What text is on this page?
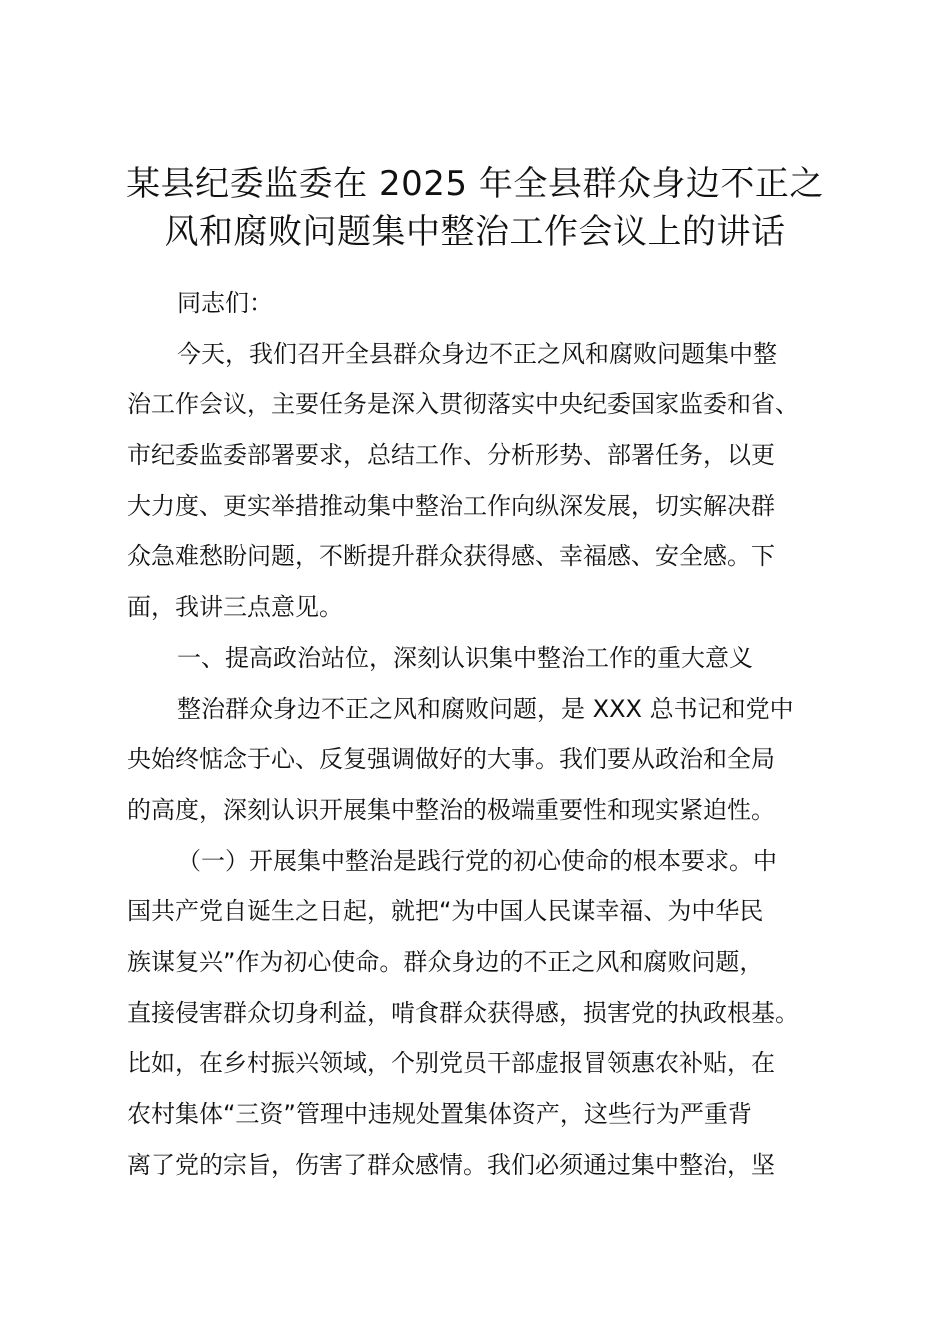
某县纪委监委在 2025 年全县群众身边不正之
风和腐败问题集中整治工作会议上的讲话
同志们：
今天，我们召开全县群众身边不正之风和腐败问题集中整
治工作会议，主要任务是深入贯彻落实中央纪委国家监委和省、
市纪委监委部署要求，总结工作、分析形势、部署任务，以更
大力度、更实举措推动集中整治工作向纵深发展，切实解决群
众急难愁盼问题，不断提升群众获得感、幸福感、安全感。下
面，我讲三点意见。
一、提高政治站位，深刻认识集中整治工作的重大意义
整治群众身边不正之风和腐败问题，是 XXX 总书记和党中
央始终惦念于心、反复强调做好的大事。我们要从政治和全局
的高度，深刻认识开展集中整治的极端重要性和现实紧迫性。
（一）开展集中整治是践行党的初心使命的根本要求。中
国共产党自诞生之日起，就把“为中国人民谋幸福、为中华民
族谋复兴”作为初心使命。群众身边的不正之风和腐败问题，
直接侵害群众切身利益，啃食群众获得感，损害党的执政根基。
比如，在乡村振兴领域，个别党员干部虚报冒领惠农补贴，在
农村集体“三资”管理中违规处置集体资产，这些行为严重背
离了党的宗旨，伤害了群众感情。我们必须通过集中整治，坚
